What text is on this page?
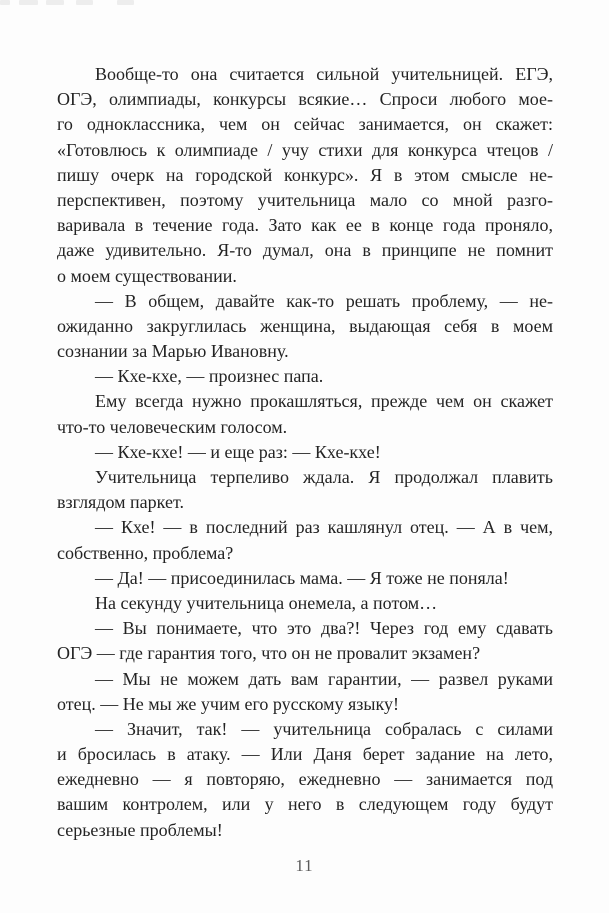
Вообще-то она считается сильной учительницей. ЕГЭ,
ОГЭ, олимпиады, конкурсы всякие… Спроси любого мое-
го одноклассника, чем он сейчас занимается, он скажет:
«Готовлюсь к олимпиаде / учу стихи для конкурса чтецов /
пишу очерк на городской конкурс». Я в этом смысле не-
перспективен, поэтому учительница мало со мной разго-
варивала в течение года. Зато как ее в конце года проняло,
даже удивительно. Я-то думал, она в принципе не помнит
о моем существовании.
— В общем, давайте как-то решать проблему, — не-
ожиданно закруглилась женщина, выдающая себя в моем
сознании за Марью Ивановну.
— Кхе-кхе, — произнес папа.
Ему всегда нужно прокашляться, прежде чем он скажет
что-то человеческим голосом.
— Кхе-кхе! — и еще раз: — Кхе-кхе!
Учительница терпеливо ждала. Я продолжал плавить
взглядом паркет.
— Кхе! — в последний раз кашлянул отец. — А в чем,
собственно, проблема?
— Да! — присоединилась мама. — Я тоже не поняла!
На секунду учительница онемела, а потом…
— Вы понимаете, что это два?! Через год ему сдавать
ОГЭ — где гарантия того, что он не провалит экзамен?
— Мы не можем дать вам гарантии, — развел руками
отец. — Не мы же учим его русскому языку!
— Значит, так! — учительница собралась с силами
и бросилась в атаку. — Или Даня берет задание на лето,
ежедневно — я повторяю, ежедневно — занимается под
вашим контролем, или у него в следующем году будут
серьезные проблемы!
11
